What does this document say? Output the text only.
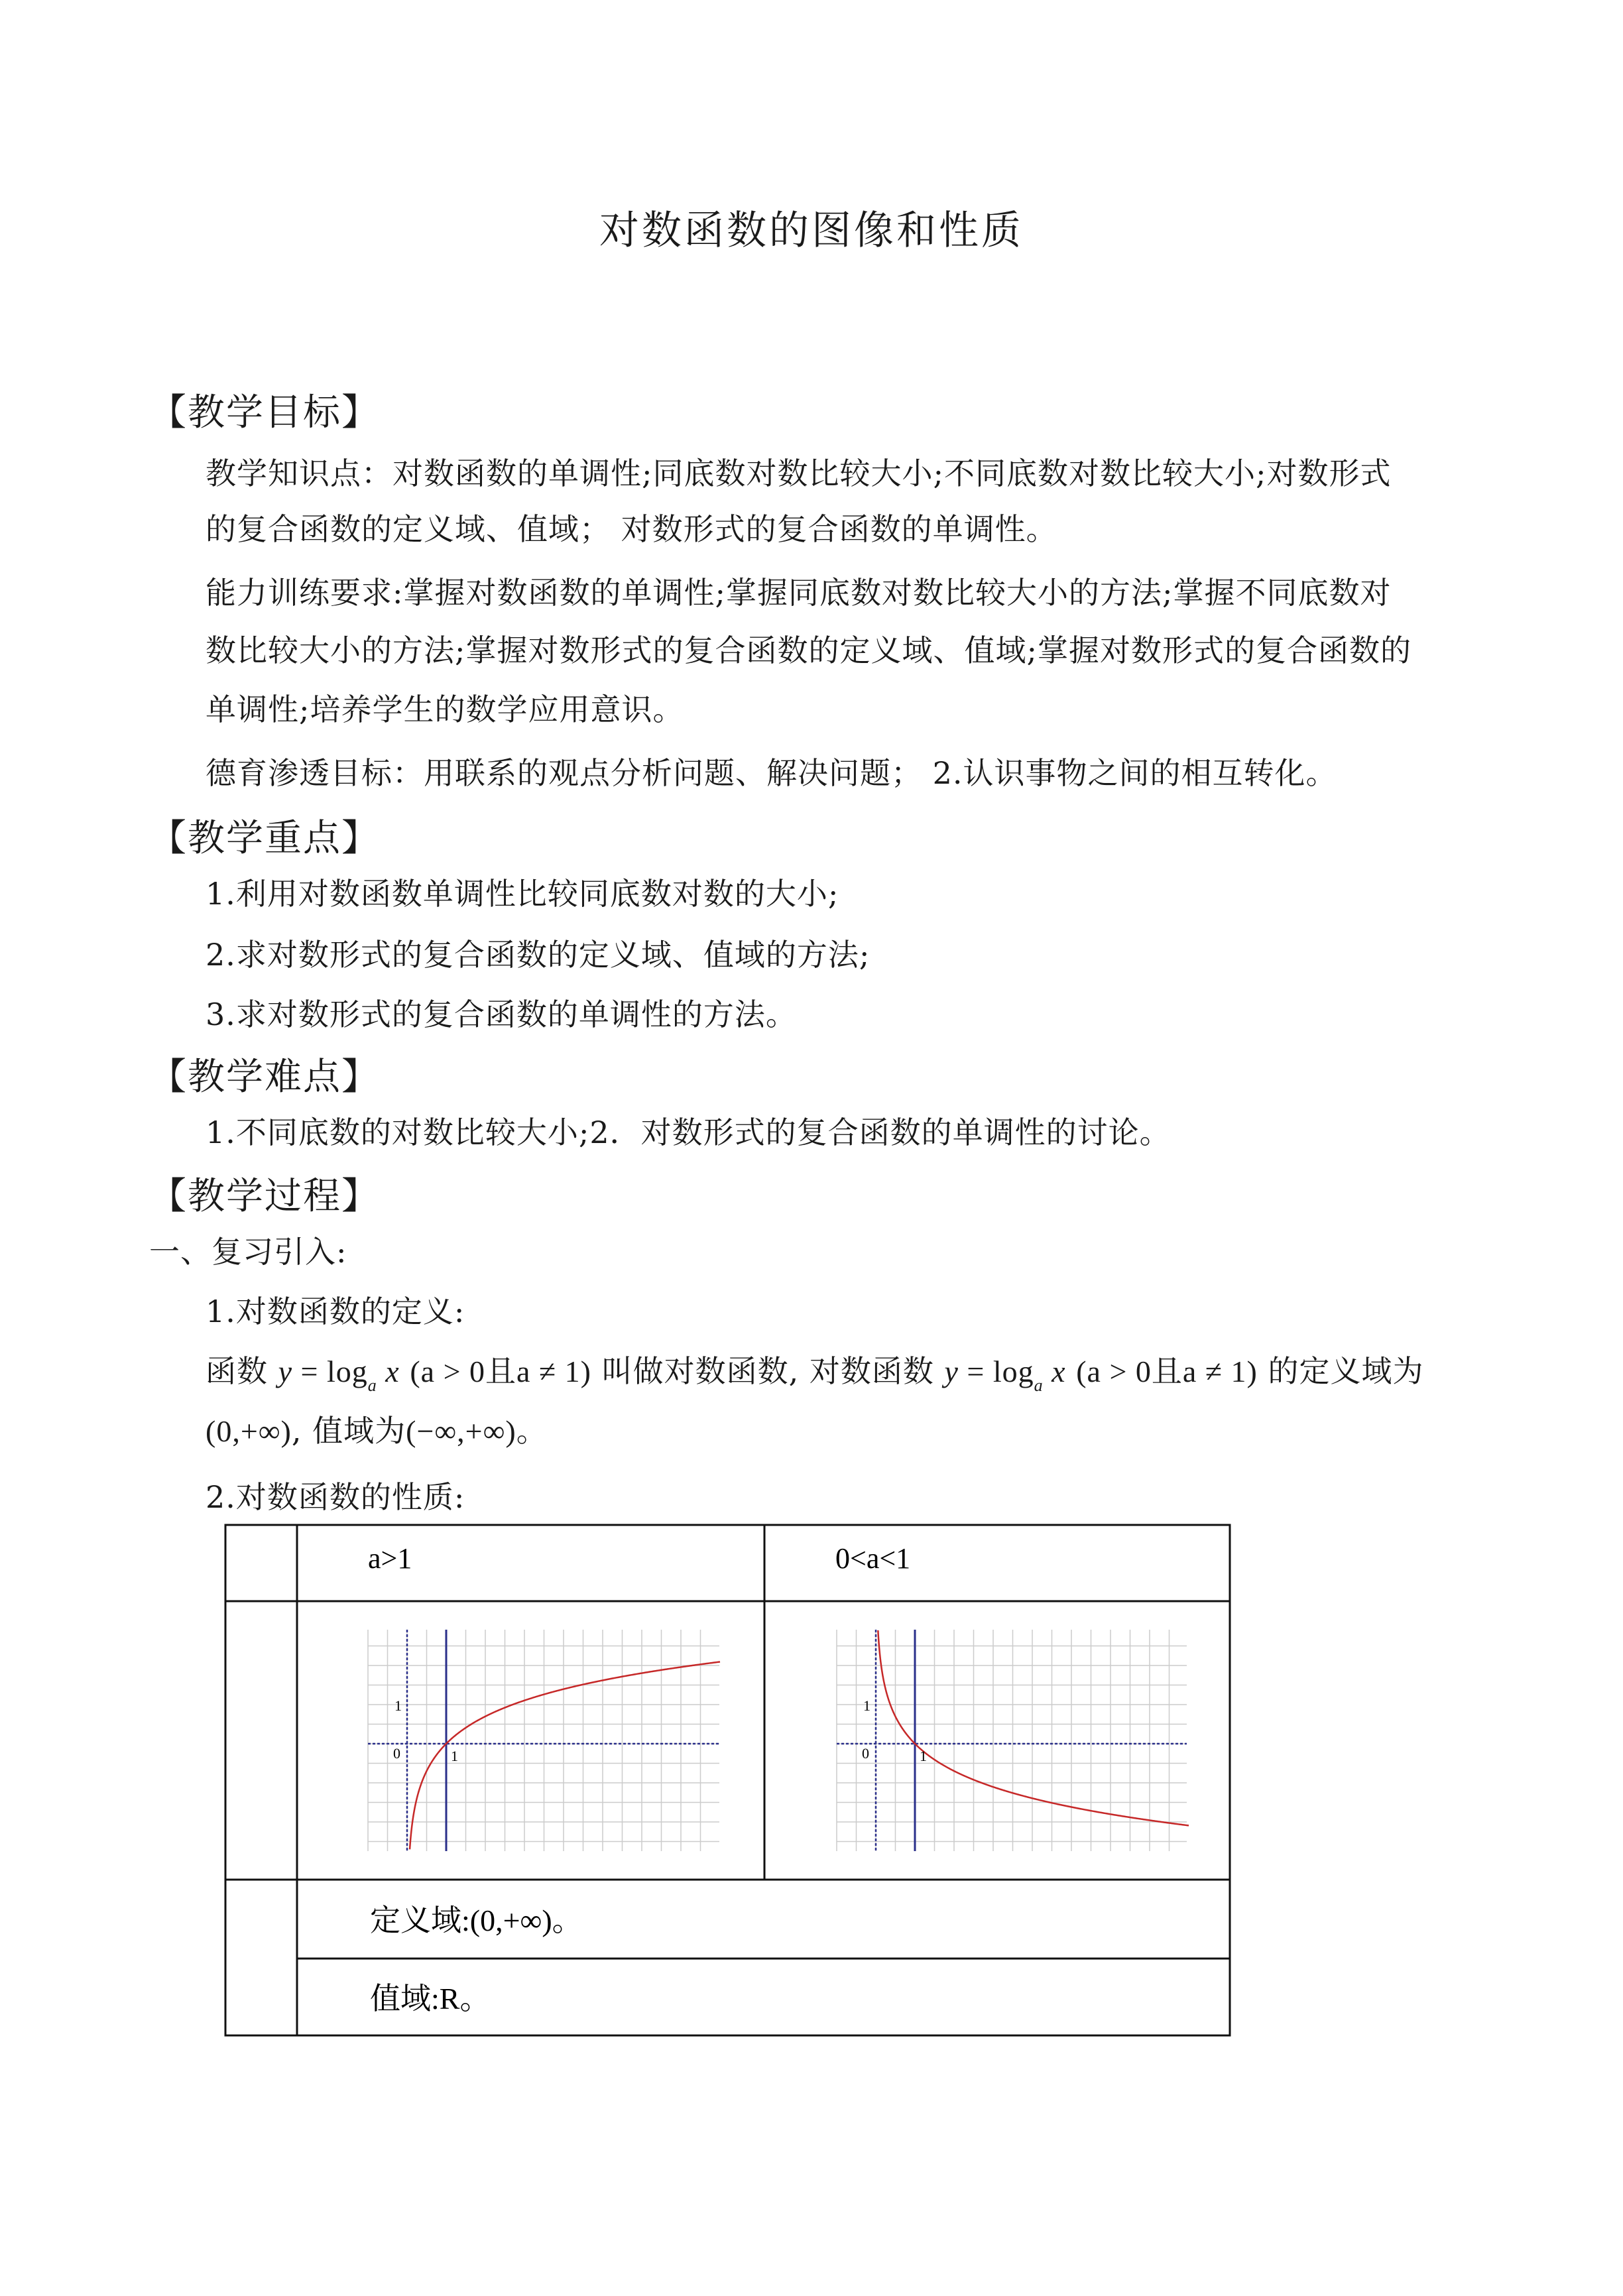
对数函数的图像和性质
【教学目标】
教学知识点：对数函数的单调性;同底数对数比较大小;不同底数对数比较大小;对数形式
的复合函数的定义域、值域； 对数形式的复合函数的单调性。
能力训练要求:掌握对数函数的单调性;掌握同底数对数比较大小的方法;掌握不同底数对
数比较大小的方法;掌握对数形式的复合函数的定义域、值域;掌握对数形式的复合函数的
单调性;培养学生的数学应用意识。
德育渗透目标：用联系的观点分析问题、解决问题； 2.认识事物之间的相互转化。
【教学重点】
1.利用对数函数单调性比较同底数对数的大小;
2.求对数形式的复合函数的定义域、值域的方法;
3.求对数形式的复合函数的单调性的方法。
【教学难点】
1.不同底数的对数比较大小;2．对数形式的复合函数的单调性的讨论。
【教学过程】
一、复习引入:
1.对数函数的定义:
函数 $y = \log_a x$ (a > 0且a ≠ 1) 叫做对数函数, 对数函数 $y = \log_a x$ (a > 0且a ≠ 1) 的定义域为
(0,+∞), 值域为(−∞,+∞)。
2.对数函数的性质:
a>1	0<a<1
1
0	1
1
0	1
定义域:(0,+∞)。
值域:R。
